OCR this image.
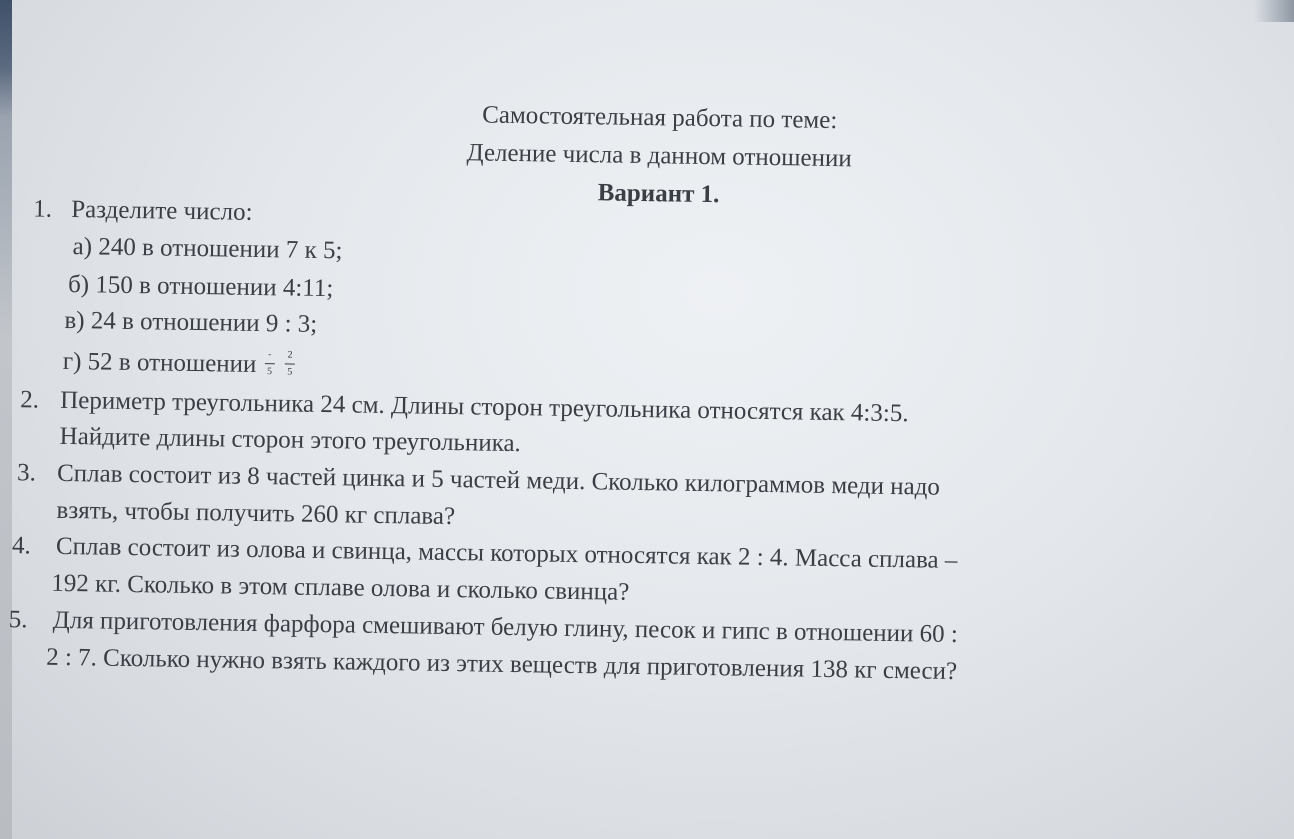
Самостоятельная работа по теме:
Деление числа в данном отношении
Вариант 1.
1. Разделите число:
а) 240 в отношении 7 к 5;
б) 150 в отношении 4:11;
в) 24 в отношении 9 : 3;
г) 52 в отношении $\frac{-}{5}$
$\frac{2}{5}$
2. Периметр треугольника 24 см. Длины сторон треугольника относятся как 4:3:5.
Найдите длины сторон этого треугольника.
3. Сплав состоит из 8 частей цинка и 5 частей меди. Сколько килограммов меди надо
взять, чтобы получить 260 кг сплава?
4. Сплав состоит из олова и свинца, массы которых относятся как 2 : 4. Масса сплава –
192 кг. Сколько в этом сплаве олова и сколько свинца?
5. Для приготовления фарфора смешивают белую глину, песок и гипс в отношении 60 :
2 : 7. Сколько нужно взять каждого из этих веществ для приготовления 138 кг смеси?
